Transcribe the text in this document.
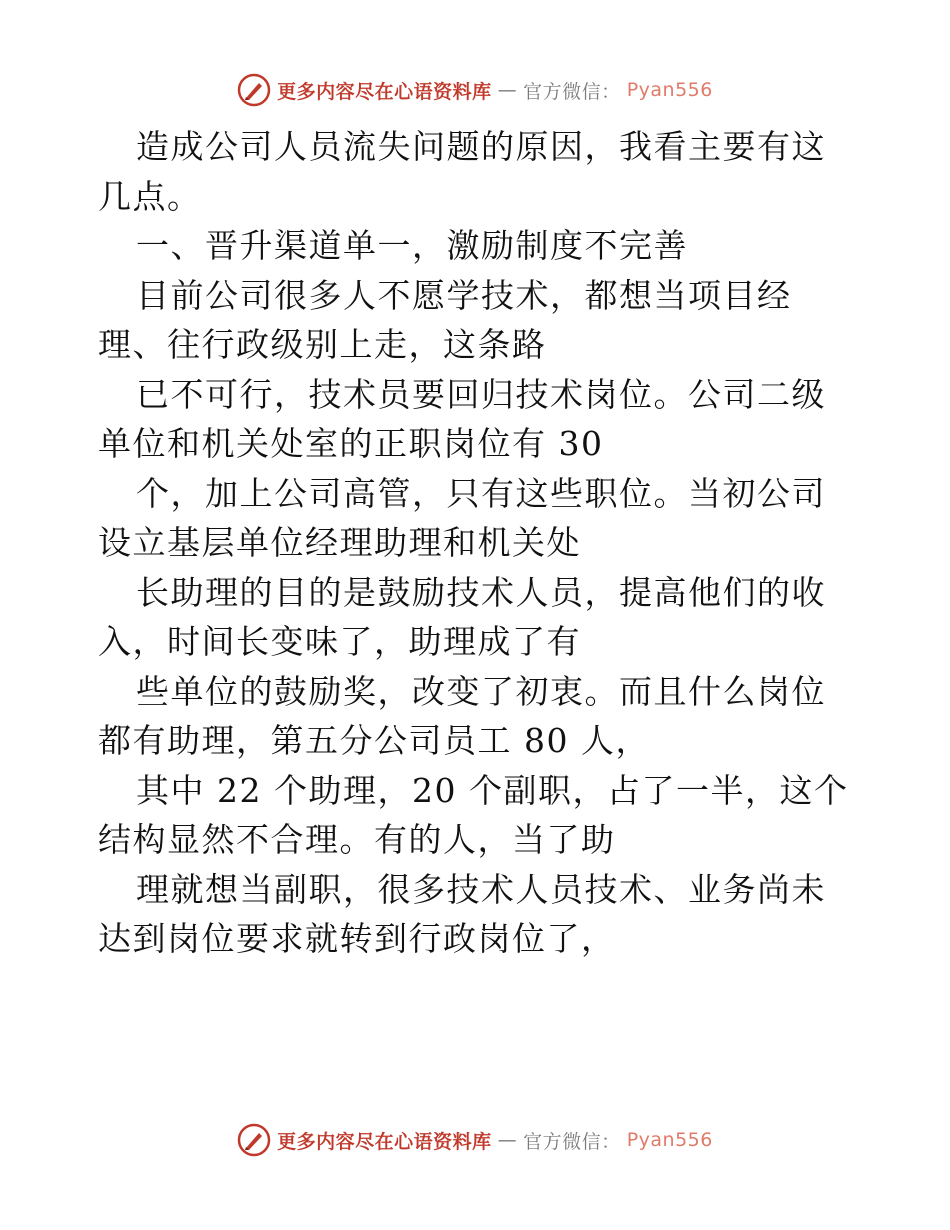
更多内容尽在心语资料库 — 官方微信： Pyan556

造成公司人员流失问题的原因，我看主要有这几点。

一、晋升渠道单一，激励制度不完善

目前公司很多人不愿学技术，都想当项目经理、往行政级别上走，这条路

已不可行，技术员要回归技术岗位。公司二级单位和机关处室的正职岗位有 30

个，加上公司高管，只有这些职位。当初公司设立基层单位经理助理和机关处

长助理的目的是鼓励技术人员，提高他们的收入，时间长变味了，助理成了有

些单位的鼓励奖，改变了初衷。而且什么岗位都有助理，第五分公司员工 80 人，

其中 22 个助理，20 个副职，占了一半，这个结构显然不合理。有的人，当了助

理就想当副职，很多技术人员技术、业务尚未达到岗位要求就转到行政岗位了，

更多内容尽在心语资料库 — 官方微信： Pyan556
